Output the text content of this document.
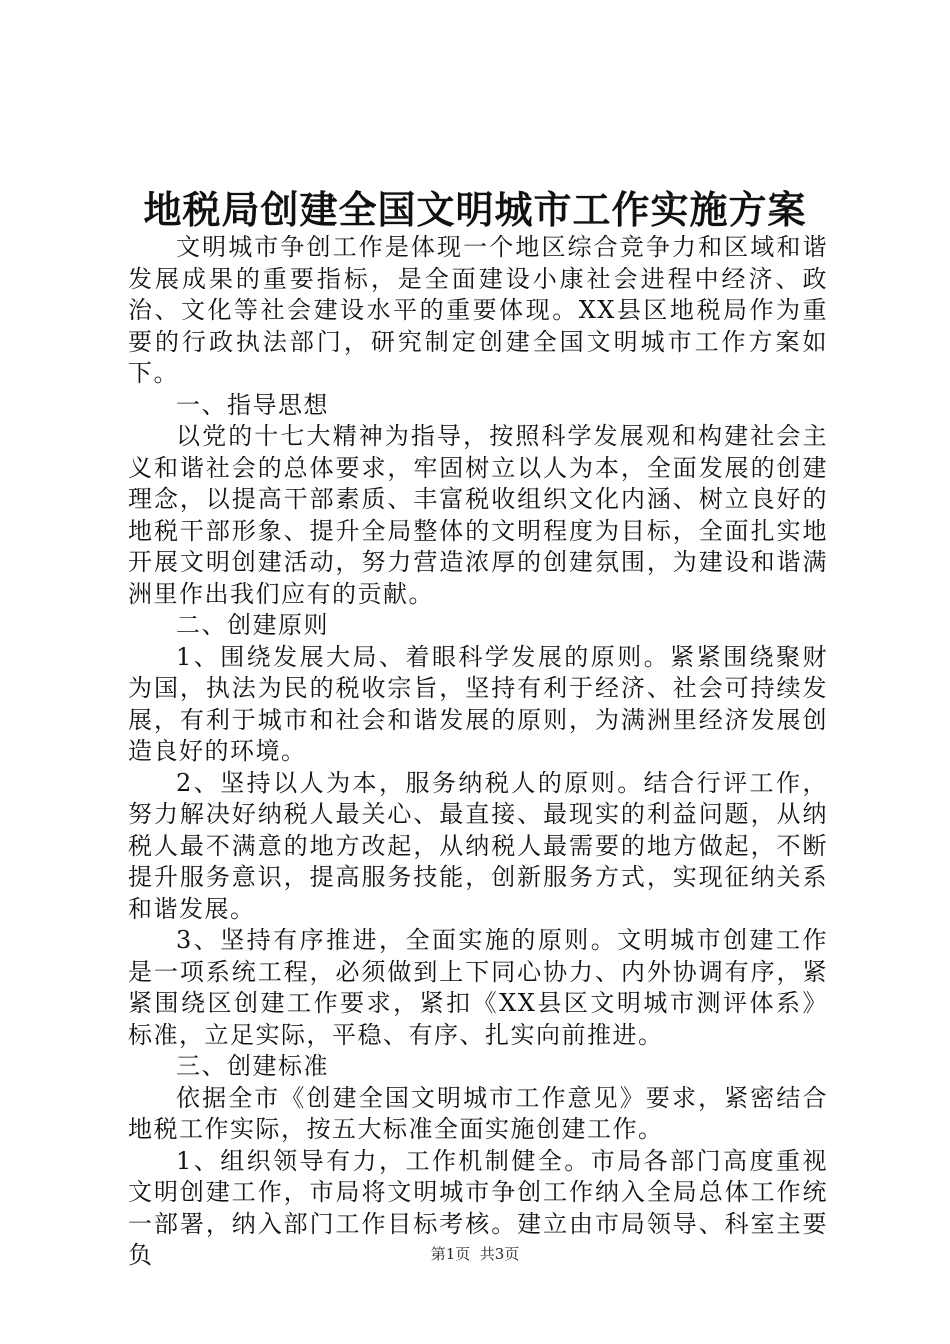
地税局创建全国文明城市工作实施方案

文明城市争创工作是体现一个地区综合竞争力和区域和谐发展成果的重要指标，是全面建设小康社会进程中经济、政治、文化等社会建设水平的重要体现。XX县区地税局作为重要的行政执法部门，研究制定创建全国文明城市工作方案如下。

一、指导思想

以党的十七大精神为指导，按照科学发展观和构建社会主义和谐社会的总体要求，牢固树立以人为本，全面发展的创建理念，以提高干部素质、丰富税收组织文化内涵、树立良好的地税干部形象、提升全局整体的文明程度为目标，全面扎实地开展文明创建活动，努力营造浓厚的创建氛围，为建设和谐满洲里作出我们应有的贡献。

二、创建原则

1、围绕发展大局、着眼科学发展的原则。紧紧围绕聚财为国，执法为民的税收宗旨，坚持有利于经济、社会可持续发展，有利于城市和社会和谐发展的原则，为满洲里经济发展创造良好的环境。

2、坚持以人为本，服务纳税人的原则。结合行评工作，努力解决好纳税人最关心、最直接、最现实的利益问题，从纳税人最不满意的地方改起，从纳税人最需要的地方做起，不断提升服务意识，提高服务技能，创新服务方式，实现征纳关系和谐发展。

3、坚持有序推进，全面实施的原则。文明城市创建工作是一项系统工程，必须做到上下同心协力、内外协调有序，紧紧围绕区创建工作要求，紧扣《XX县区文明城市测评体系》标准，立足实际，平稳、有序、扎实向前推进。

三、创建标准

依据全市《创建全国文明城市工作意见》要求，紧密结合地税工作实际，按五大标准全面实施创建工作。

1、组织领导有力，工作机制健全。市局各部门高度重视文明创建工作，市局将文明城市争创工作纳入全局总体工作统一部署，纳入部门工作目标考核。建立由市局领导、科室主要负	第1页  共3页
